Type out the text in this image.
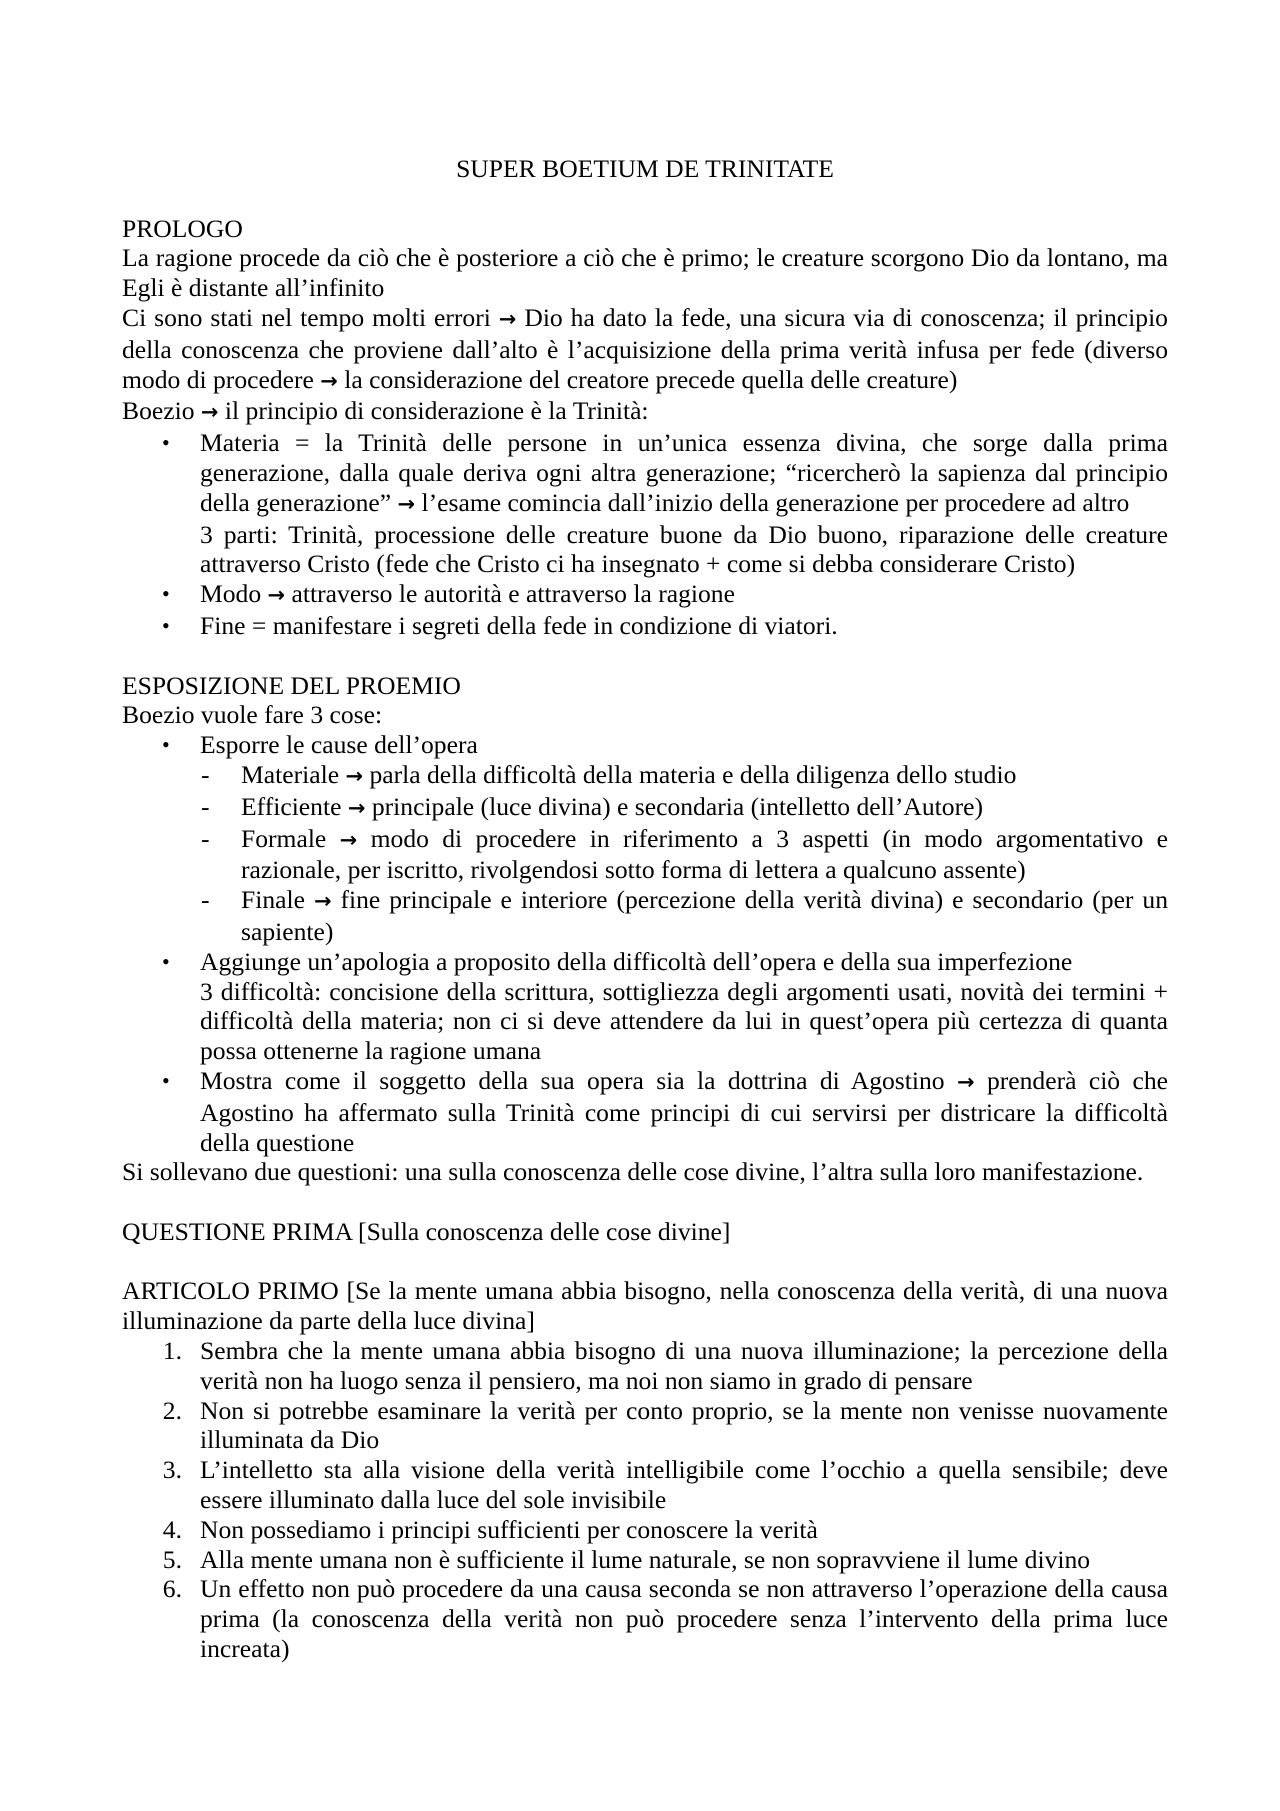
SUPER BOETIUM DE TRINITATE
PROLOGO
La ragione procede da ciò che è posteriore a ciò che è primo; le creature scorgono Dio da lontano, ma Egli è distante all’infinito
Ci sono stati nel tempo molti errori → Dio ha dato la fede, una sicura via di conoscenza; il principio della conoscenza che proviene dall’alto è l’acquisizione della prima verità infusa per fede (diverso modo di procedere → la considerazione del creatore precede quella delle creature)
Boezio → il principio di considerazione è la Trinità:
• Materia = la Trinità delle persone in un’unica essenza divina, che sorge dalla prima generazione, dalla quale deriva ogni altra generazione; “ricercherò la sapienza dal principio della generazione” → l’esame comincia dall’inizio della generazione per procedere ad altro
3 parti: Trinità, processione delle creature buone da Dio buono, riparazione delle creature attraverso Cristo (fede che Cristo ci ha insegnato + come si debba considerare Cristo)
• Modo → attraverso le autorità e attraverso la ragione
• Fine = manifestare i segreti della fede in condizione di viatori.
ESPOSIZIONE DEL PROEMIO
Boezio vuole fare 3 cose:
• Esporre le cause dell’opera
- Materiale → parla della difficoltà della materia e della diligenza dello studio
- Efficiente → principale (luce divina) e secondaria (intelletto dell’Autore)
- Formale → modo di procedere in riferimento a 3 aspetti (in modo argomentativo e razionale, per iscritto, rivolgendosi sotto forma di lettera a qualcuno assente)
- Finale → fine principale e interiore (percezione della verità divina) e secondario (per un sapiente)
• Aggiunge un’apologia a proposito della difficoltà dell’opera e della sua imperfezione
3 difficoltà: concisione della scrittura, sottigliezza degli argomenti usati, novità dei termini + difficoltà della materia; non ci si deve attendere da lui in quest’opera più certezza di quanta possa ottenerne la ragione umana
• Mostra come il soggetto della sua opera sia la dottrina di Agostino → prenderà ciò che Agostino ha affermato sulla Trinità come principi di cui servirsi per districare la difficoltà della questione
Si sollevano due questioni: una sulla conoscenza delle cose divine, l’altra sulla loro manifestazione.
QUESTIONE PRIMA [Sulla conoscenza delle cose divine]
ARTICOLO PRIMO [Se la mente umana abbia bisogno, nella conoscenza della verità, di una nuova illuminazione da parte della luce divina]
1. Sembra che la mente umana abbia bisogno di una nuova illuminazione; la percezione della verità non ha luogo senza il pensiero, ma noi non siamo in grado di pensare
2. Non si potrebbe esaminare la verità per conto proprio, se la mente non venisse nuovamente illuminata da Dio
3. L’intelletto sta alla visione della verità intelligibile come l’occhio a quella sensibile; deve essere illuminato dalla luce del sole invisibile
4. Non possediamo i principi sufficienti per conoscere la verità
5. Alla mente umana non è sufficiente il lume naturale, se non sopravviene il lume divino
6. Un effetto non può procedere da una causa seconda se non attraverso l’operazione della causa prima (la conoscenza della verità non può procedere senza l’intervento della prima luce increata)
